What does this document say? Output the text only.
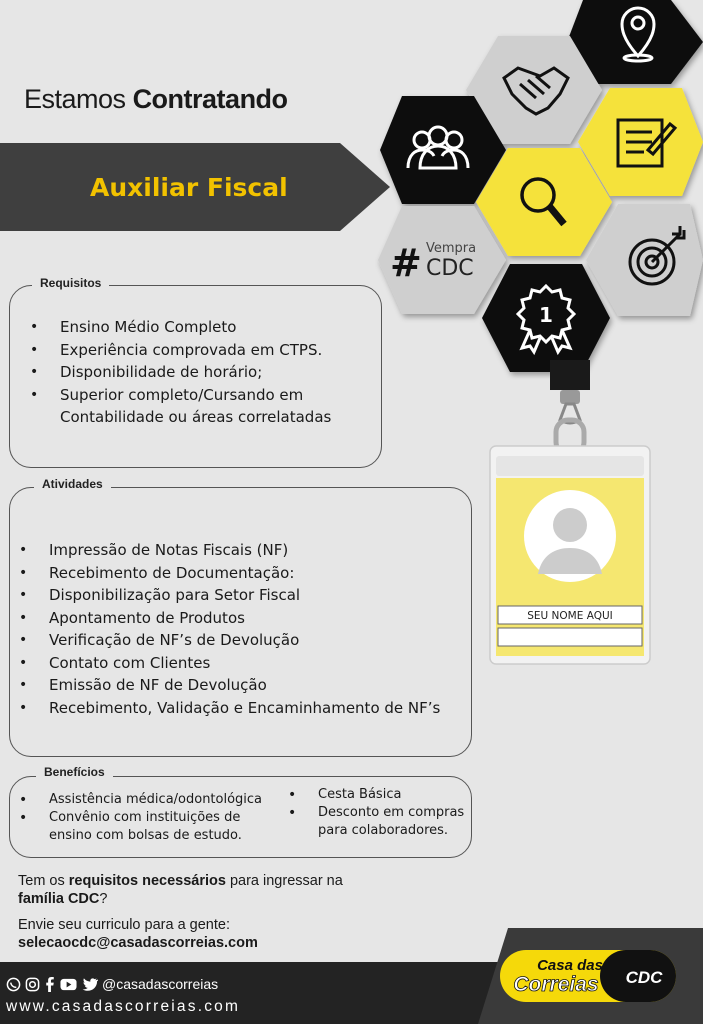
Estamos Contratando
Auxiliar Fiscal
1
# Vempra
CDC
SEU NOME AQUI
Requisitos
• Ensino Médio Completo
• Experiência comprovada em CTPS.
• Disponibilidade de horário;
• Superior completo/Cursando em Contabilidade ou áreas correlatadas
Atividades
• Impressão de Notas Fiscais (NF)
• Recebimento de Documentação:
• Disponibilização para Setor Fiscal
• Apontamento de Produtos
• Verificação de NF’s de Devolução
• Contato com Clientes
• Emissão de NF de Devolução
• Recebimento, Validação e Encaminhamento de NF’s
Benefícios
• Assistência médica/odontológica
• Convênio com instituições de ensino com bolsas de estudo.
• Cesta Básica
• Desconto em compras para colaboradores.
Tem os requisitos necessários para ingressar na família CDC?
Envie seu curriculo para a gente:
selecaocdc@casadascorreias.com
Casa das
Correias CDC
@casadascorreias
www.casadascorreias.com
